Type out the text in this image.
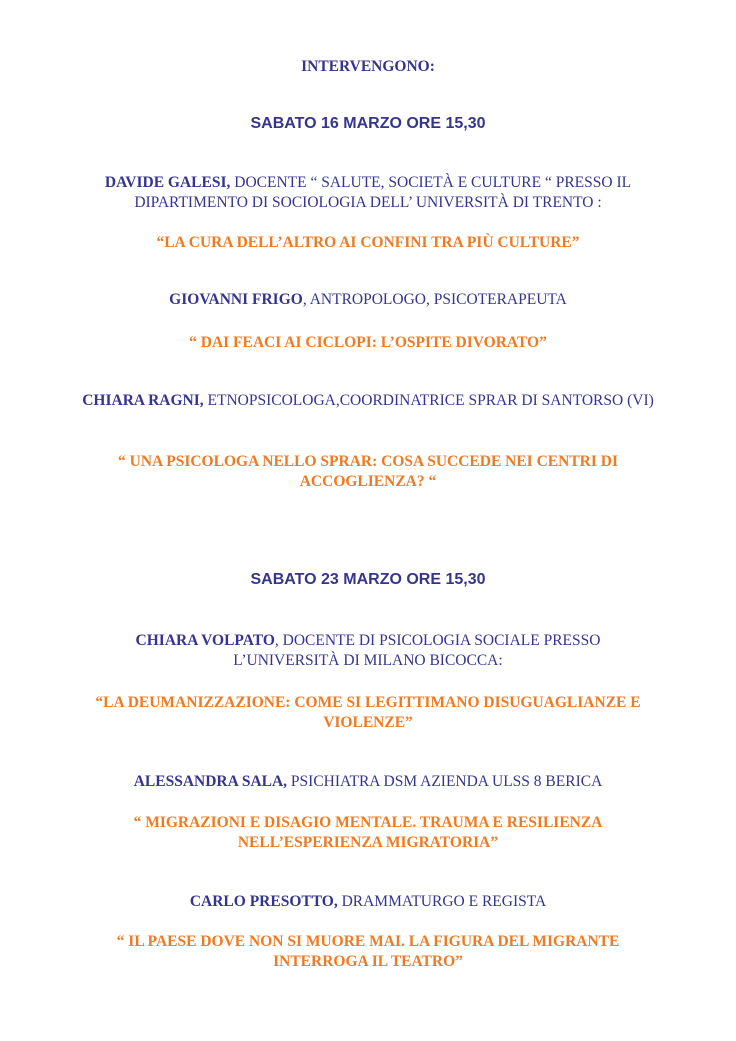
INTERVENGONO:
SABATO 16 MARZO ORE 15,30
DAVIDE GALESI, DOCENTE “ SALUTE, SOCIETÀ E CULTURE “ PRESSO IL DIPARTIMENTO DI SOCIOLOGIA DELL’ UNIVERSITÀ DI TRENTO :
“LA CURA DELL’ALTRO AI CONFINI TRA PIÙ CULTURE”
GIOVANNI FRIGO, ANTROPOLOGO, PSICOTERAPEUTA
“ DAI FEACI AI CICLOPI: L’OSPITE DIVORATO”
CHIARA RAGNI, ETNOPSICOLOGA,COORDINATRICE SPRAR DI SANTORSO (VI)
“ UNA PSICOLOGA NELLO SPRAR: COSA SUCCEDE NEI CENTRI DI ACCOGLIENZA? “
SABATO 23 MARZO ORE 15,30
CHIARA VOLPATO, DOCENTE DI PSICOLOGIA SOCIALE PRESSO L’UNIVERSITÀ DI MILANO BICOCCA:
“LA DEUMANIZZAZIONE: COME SI LEGITTIMANO DISUGUAGLIANZE E VIOLENZE”
ALESSANDRA SALA, PSICHIATRA DSM AZIENDA ULSS 8 BERICA
“ MIGRAZIONI E DISAGIO MENTALE. TRAUMA E RESILIENZA NELL’ESPERIENZA MIGRATORIA”
CARLO PRESOTTO, DRAMMATURGO E REGISTA
“ IL PAESE DOVE NON SI MUORE MAI. LA FIGURA DEL MIGRANTE INTERROGA IL TEATRO”
